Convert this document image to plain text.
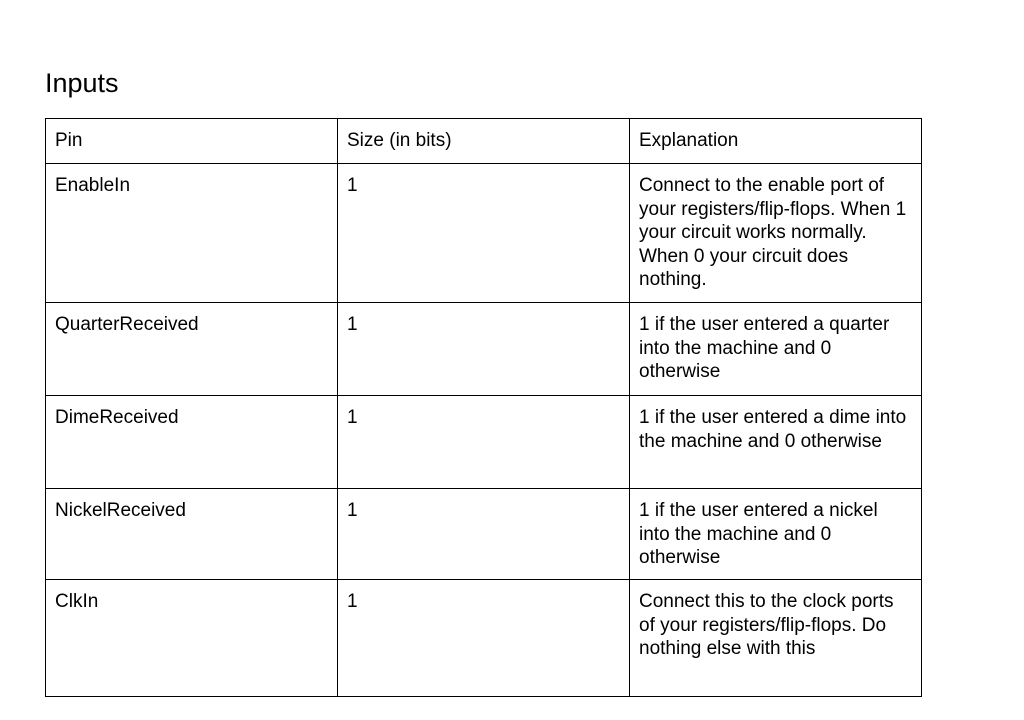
Inputs
Pin	Size (in bits)	Explanation
EnableIn	1	Connect to the enable port of your registers/flip-flops. When 1 your circuit works normally. When 0 your circuit does nothing.
QuarterReceived	1	1 if the user entered a quarter into the machine and 0 otherwise
DimeReceived	1	1 if the user entered a dime into the machine and 0 otherwise
NickelReceived	1	1 if the user entered a nickel into the machine and 0 otherwise
ClkIn	1	Connect this to the clock ports of your registers/flip-flops. Do nothing else with this
